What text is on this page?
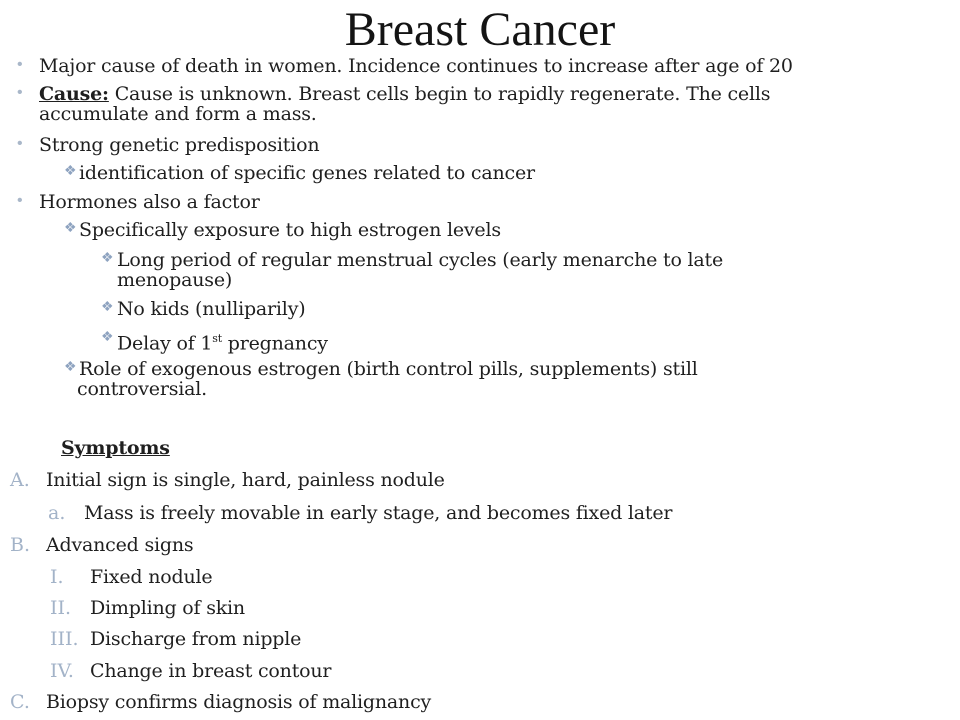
Breast Cancer
• Major cause of death in women. Incidence continues to increase after age of 20
• Cause: Cause is unknown. Breast cells begin to rapidly regenerate. The cells
accumulate and form a mass.
• Strong genetic predisposition
❖ identification of specific genes related to cancer
• Hormones also a factor
❖ Specifically exposure to high estrogen levels
❖ Long period of regular menstrual cycles (early menarche to late
menopause)
❖ No kids (nulliparily)
❖ Delay of 1st pregnancy
❖ Role of exogenous estrogen (birth control pills, supplements) still
controversial.
Symptoms
A. Initial sign is single, hard, painless nodule
a. Mass is freely movable in early stage, and becomes fixed later
B. Advanced signs
I. Fixed nodule
II. Dimpling of skin
III. Discharge from nipple
IV. Change in breast contour
C. Biopsy confirms diagnosis of malignancy
